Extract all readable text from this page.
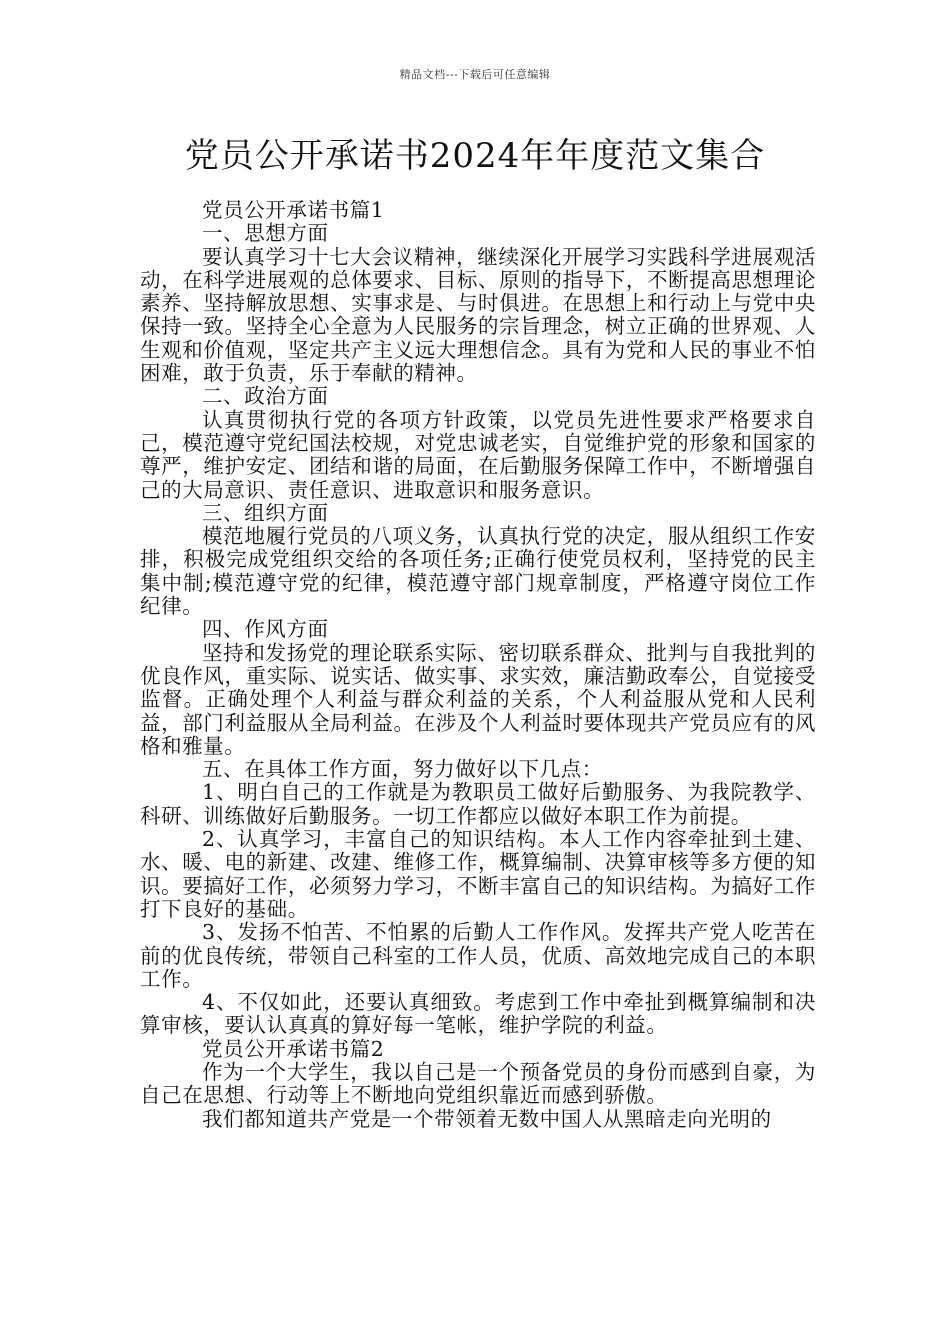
精品文档---下载后可任意编辑
党员公开承诺书2024年年度范文集合

党员公开承诺书篇1

一、思想方面

要认真学习十七大会议精神，继续深化开展学习实践科学进展观活动，在科学进展观的总体要求、目标、原则的指导下，不断提高思想理论素养、坚持解放思想、实事求是、与时俱进。在思想上和行动上与党中央保持一致。坚持全心全意为人民服务的宗旨理念，树立正确的世界观、人生观和价值观，坚定共产主义远大理想信念。具有为党和人民的事业不怕困难，敢于负责，乐于奉献的精神。

二、政治方面

认真贯彻执行党的各项方针政策，以党员先进性要求严格要求自己，模范遵守党纪国法校规，对党忠诚老实，自觉维护党的形象和国家的尊严，维护安定、团结和谐的局面，在后勤服务保障工作中，不断增强自己的大局意识、责任意识、进取意识和服务意识。

三、组织方面

模范地履行党员的八项义务，认真执行党的决定，服从组织工作安排，积极完成党组织交给的各项任务;正确行使党员权利，坚持党的民主集中制;模范遵守党的纪律，模范遵守部门规章制度，严格遵守岗位工作纪律。

四、作风方面

坚持和发扬党的理论联系实际、密切联系群众、批判与自我批判的优良作风，重实际、说实话、做实事、求实效，廉洁勤政奉公，自觉接受监督。正确处理个人利益与群众利益的关系，个人利益服从党和人民利益，部门利益服从全局利益。在涉及个人利益时要体现共产党员应有的风格和雅量。

五、在具体工作方面，努力做好以下几点：

1、明白自己的工作就是为教职员工做好后勤服务、为我院教学、科研、训练做好后勤服务。一切工作都应以做好本职工作为前提。

2、认真学习，丰富自己的知识结构。本人工作内容牵扯到土建、水、暖、电的新建、改建、维修工作，概算编制、决算审核等多方便的知识。要搞好工作，必须努力学习，不断丰富自己的知识结构。为搞好工作打下良好的基础。

3、发扬不怕苦、不怕累的后勤人工作作风。发挥共产党人吃苦在前的优良传统，带领自己科室的工作人员，优质、高效地完成自己的本职工作。

4、不仅如此，还要认真细致。考虑到工作中牵扯到概算编制和决算审核，要认认真真的算好每一笔帐，维护学院的利益。

党员公开承诺书篇2

作为一个大学生，我以自己是一个预备党员的身份而感到自豪，为自己在思想、行动等上不断地向党组织靠近而感到骄傲。

我们都知道共产党是一个带领着无数中国人从黑暗走向光明的
